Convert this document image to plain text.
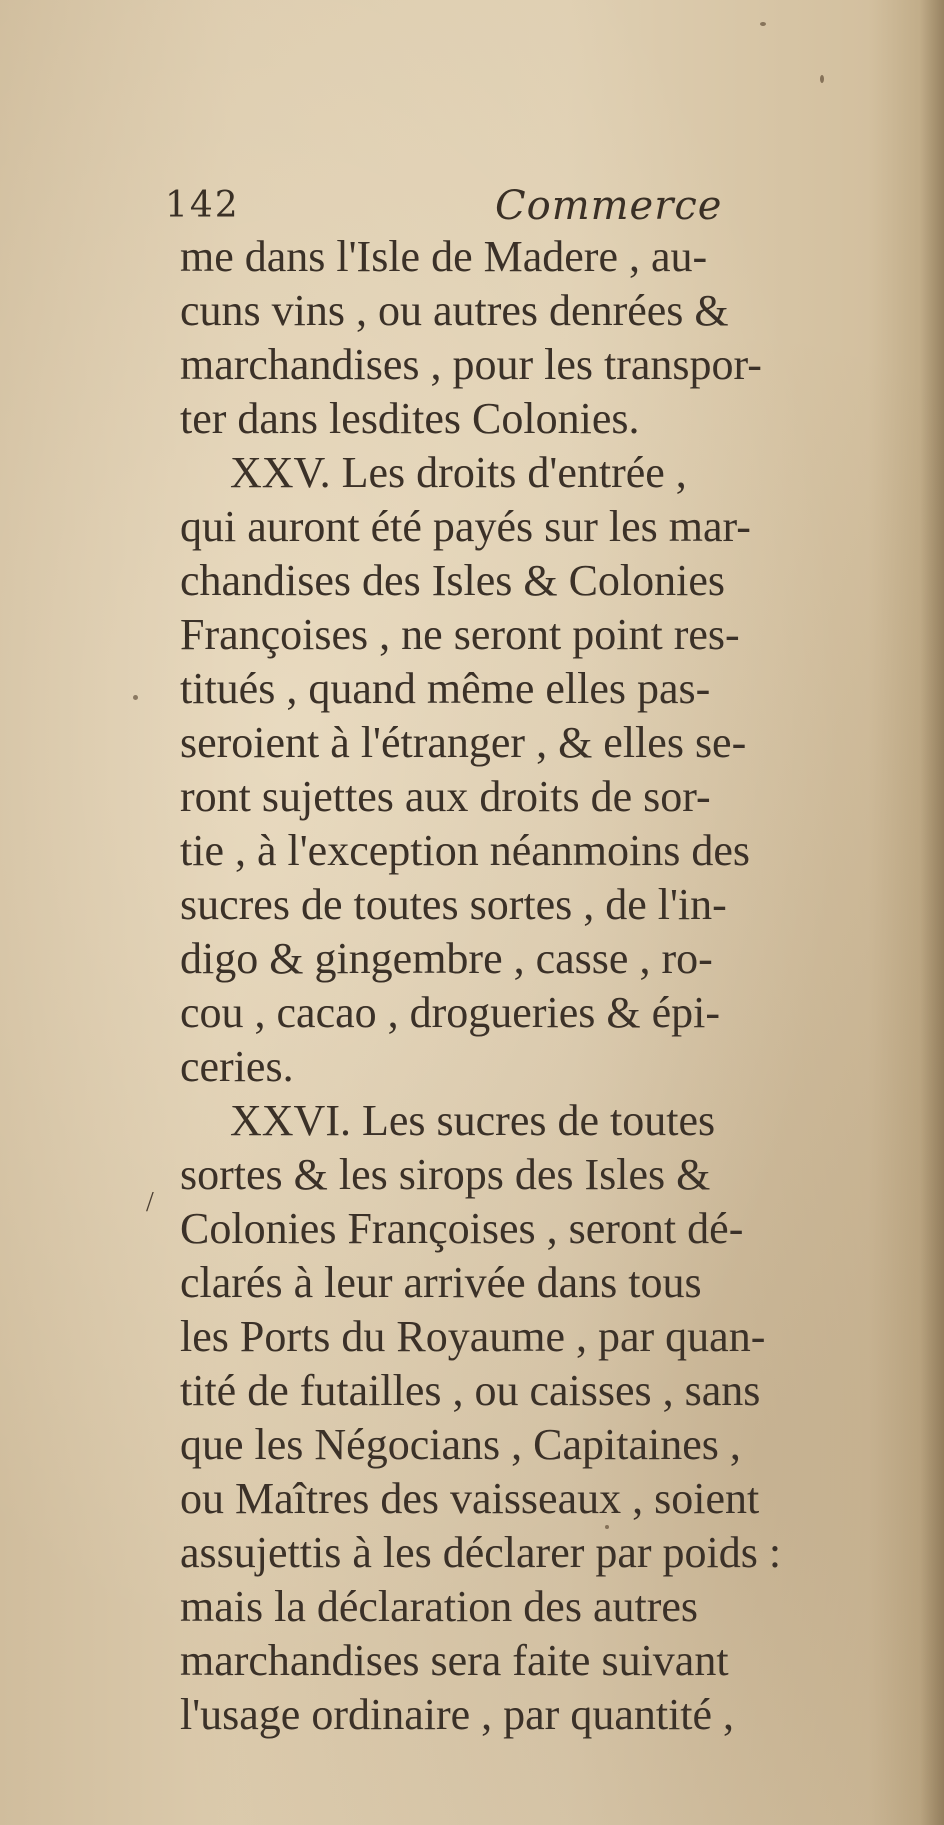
142	Commerce
/
me dans l'Isle de Madere , au-
cuns vins , ou autres denrées &
marchandises , pour les transpor-
ter dans lesdites Colonies.
XXV. Les droits d'entrée ,
qui auront été payés sur les mar-
chandises des Isles & Colonies
Françoises , ne seront point res-
titués , quand même elles pas-
seroient à l'étranger , & elles se-
ront sujettes aux droits de sor-
tie , à l'exception néanmoins des
sucres de toutes sortes , de l'in-
digo & gingembre , casse , ro-
cou , cacao , drogueries & épi-
ceries.
XXVI. Les sucres de toutes
sortes & les sirops des Isles &
Colonies Françoises , seront dé-
clarés à leur arrivée dans tous
les Ports du Royaume , par quan-
tité de futailles , ou caisses , sans
que les Négocians , Capitaines ,
ou Maîtres des vaisseaux , soient
assujettis à les déclarer par poids :
mais la déclaration des autres
marchandises sera faite suivant
l'usage ordinaire , par quantité ,
